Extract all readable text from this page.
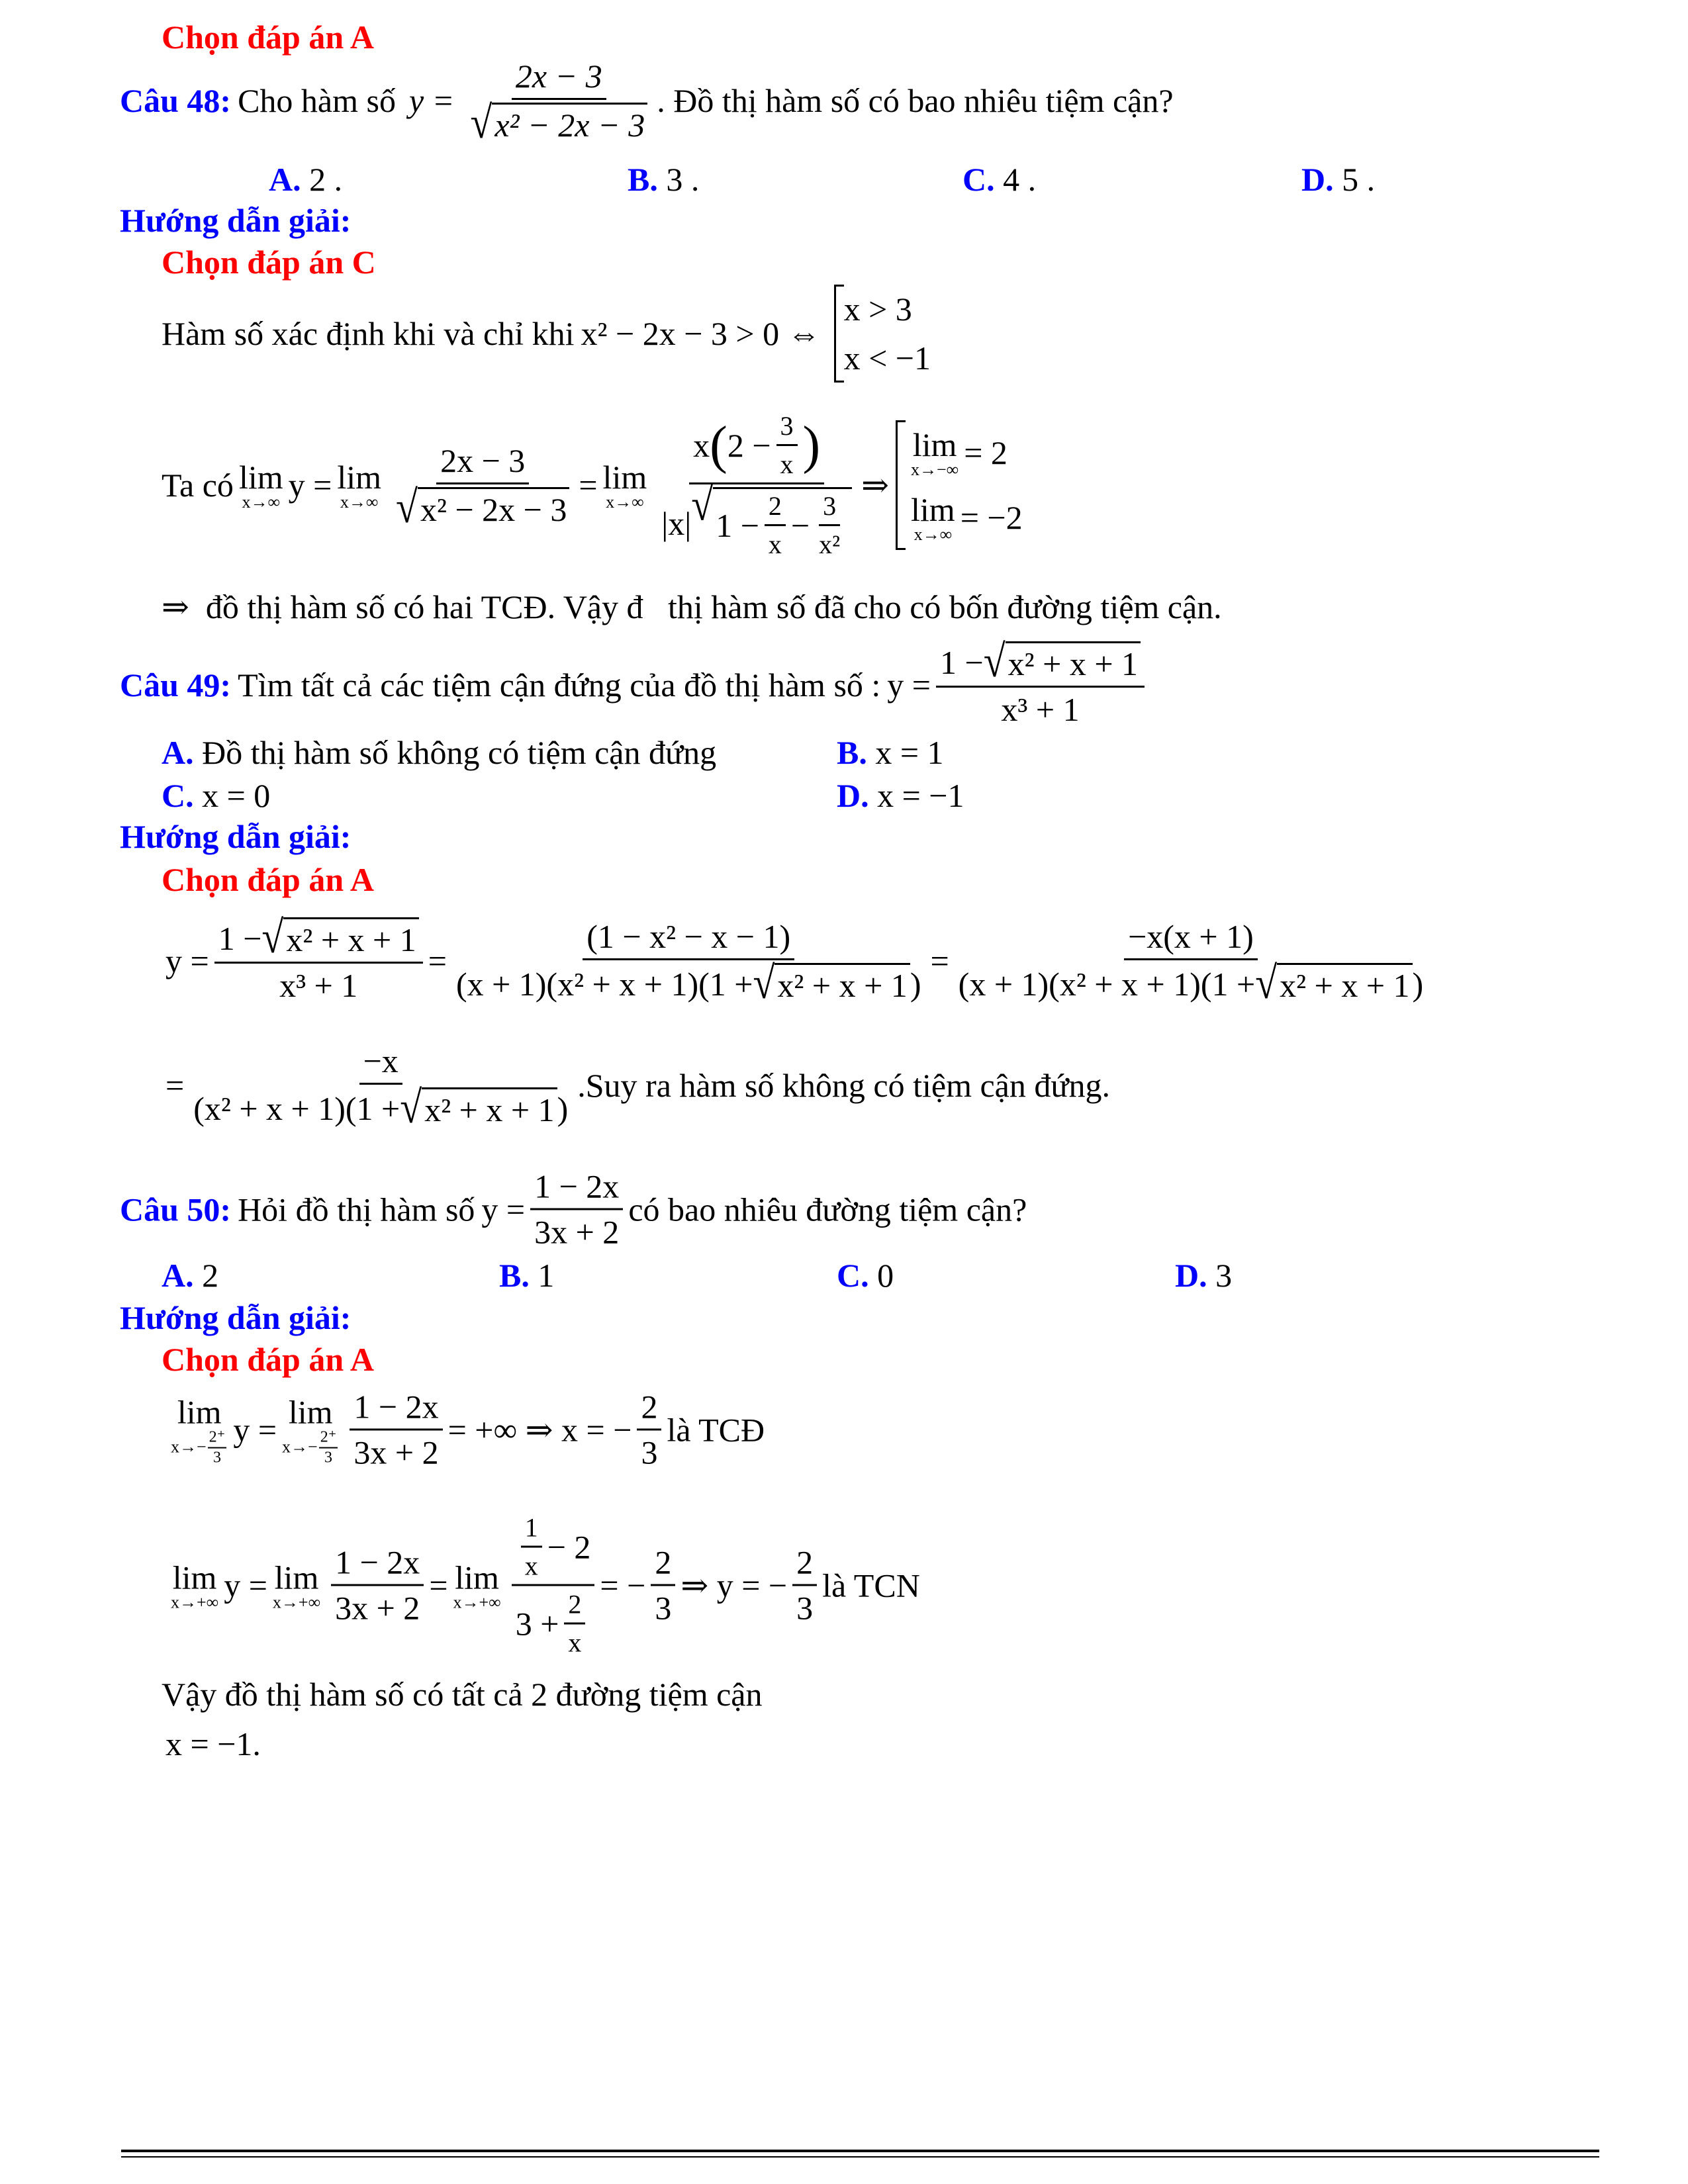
Chọn đáp án A
Câu 48: Cho hàm số $y = \frac{2x - 3}{\text{√ x² − 2x − 3}}$ . Đồ thị hàm số có bao nhiêu tiệm cận?
A. 2 .	B. 3 .	C. 4 .	D. 5 .
Hướng dẫn giải:
Chọn đáp án C
Hàm số xác định khi và chỉ khi x² − 2x − 3 > 0 ⇔
x > 3
x < −1
Ta có lim
x→∞ y = lim
$x\to\infty \frac{2x - 3}{\text{√ x² − 2x − 3}} = \lim$
$x\to\infty \frac{x ( 2 - \frac{3}{x} )}{|x| √ 1 - \frac{2}{x} - \frac{3}{\text{x²}}}$ ⇒
lim
x→−∞ = 2
lim
x→∞ = −2
⇒  đồ thị hàm số có hai TCĐ. Vậy đ   thị hàm số đã cho có bốn đường tiệm cận.
Câu 49: Tìm tất cả các tiệm cận đứng của đồ thị hàm số : $y = \frac{\text{1 − √ x² + x + 1}}{\text{x³ + 1}}$
A. Đồ thị hàm số không có tiệm cận đứng	B. x = 1
C. x = 0	D. x = −1
Hướng dẫn giải:
Chọn đáp án A
$y = \frac{\text{1 − √ x² + x + 1}}{\text{x³ + 1}} = \frac{\text{(1 − x² − x − 1)}}{\text{(x + 1)(x² + x + 1)(1 + √ x² + x + 1 )}} = \frac{-x(x + 1)}{\text{(x + 1)(x² + x + 1)(1 + √ x² + x + 1 )}}$
= $\frac{-x}{\text{(x² + x + 1)(1 + √ x² + x + 1 )}} .Suy$ ra hàm số không có tiệm cận đứng.
Câu 50: Hỏi đồ thị hàm số $y = \frac{1 - 2x}{3x + 2}$ có bao nhiêu đường tiệm cận?
A. 2	B. 1	C. 0	D. 3
Hướng dẫn giải:
Chọn đáp án A
lim
$x\to- \frac{2^+}{3}$ y = lim
$x\to- \frac{2^+}{3} \frac{1 - 2x}{3x + 2}$ = +∞ ⇒ x = − $\frac{2}{3}$ là TCĐ
lim
x→+∞ y = lim
$x\to+\infty \frac{1 - 2x}{3x + 2} = \lim$
$x\to+\infty \frac{\frac{1}{x} - 2}{3 + \frac{2}{x}}$ = − $\frac{2}{3}$ ⇒ y = − $\frac{2}{3}$ là TCN
Vậy đồ thị hàm số có tất cả 2 đường tiệm cận
x = −1.
